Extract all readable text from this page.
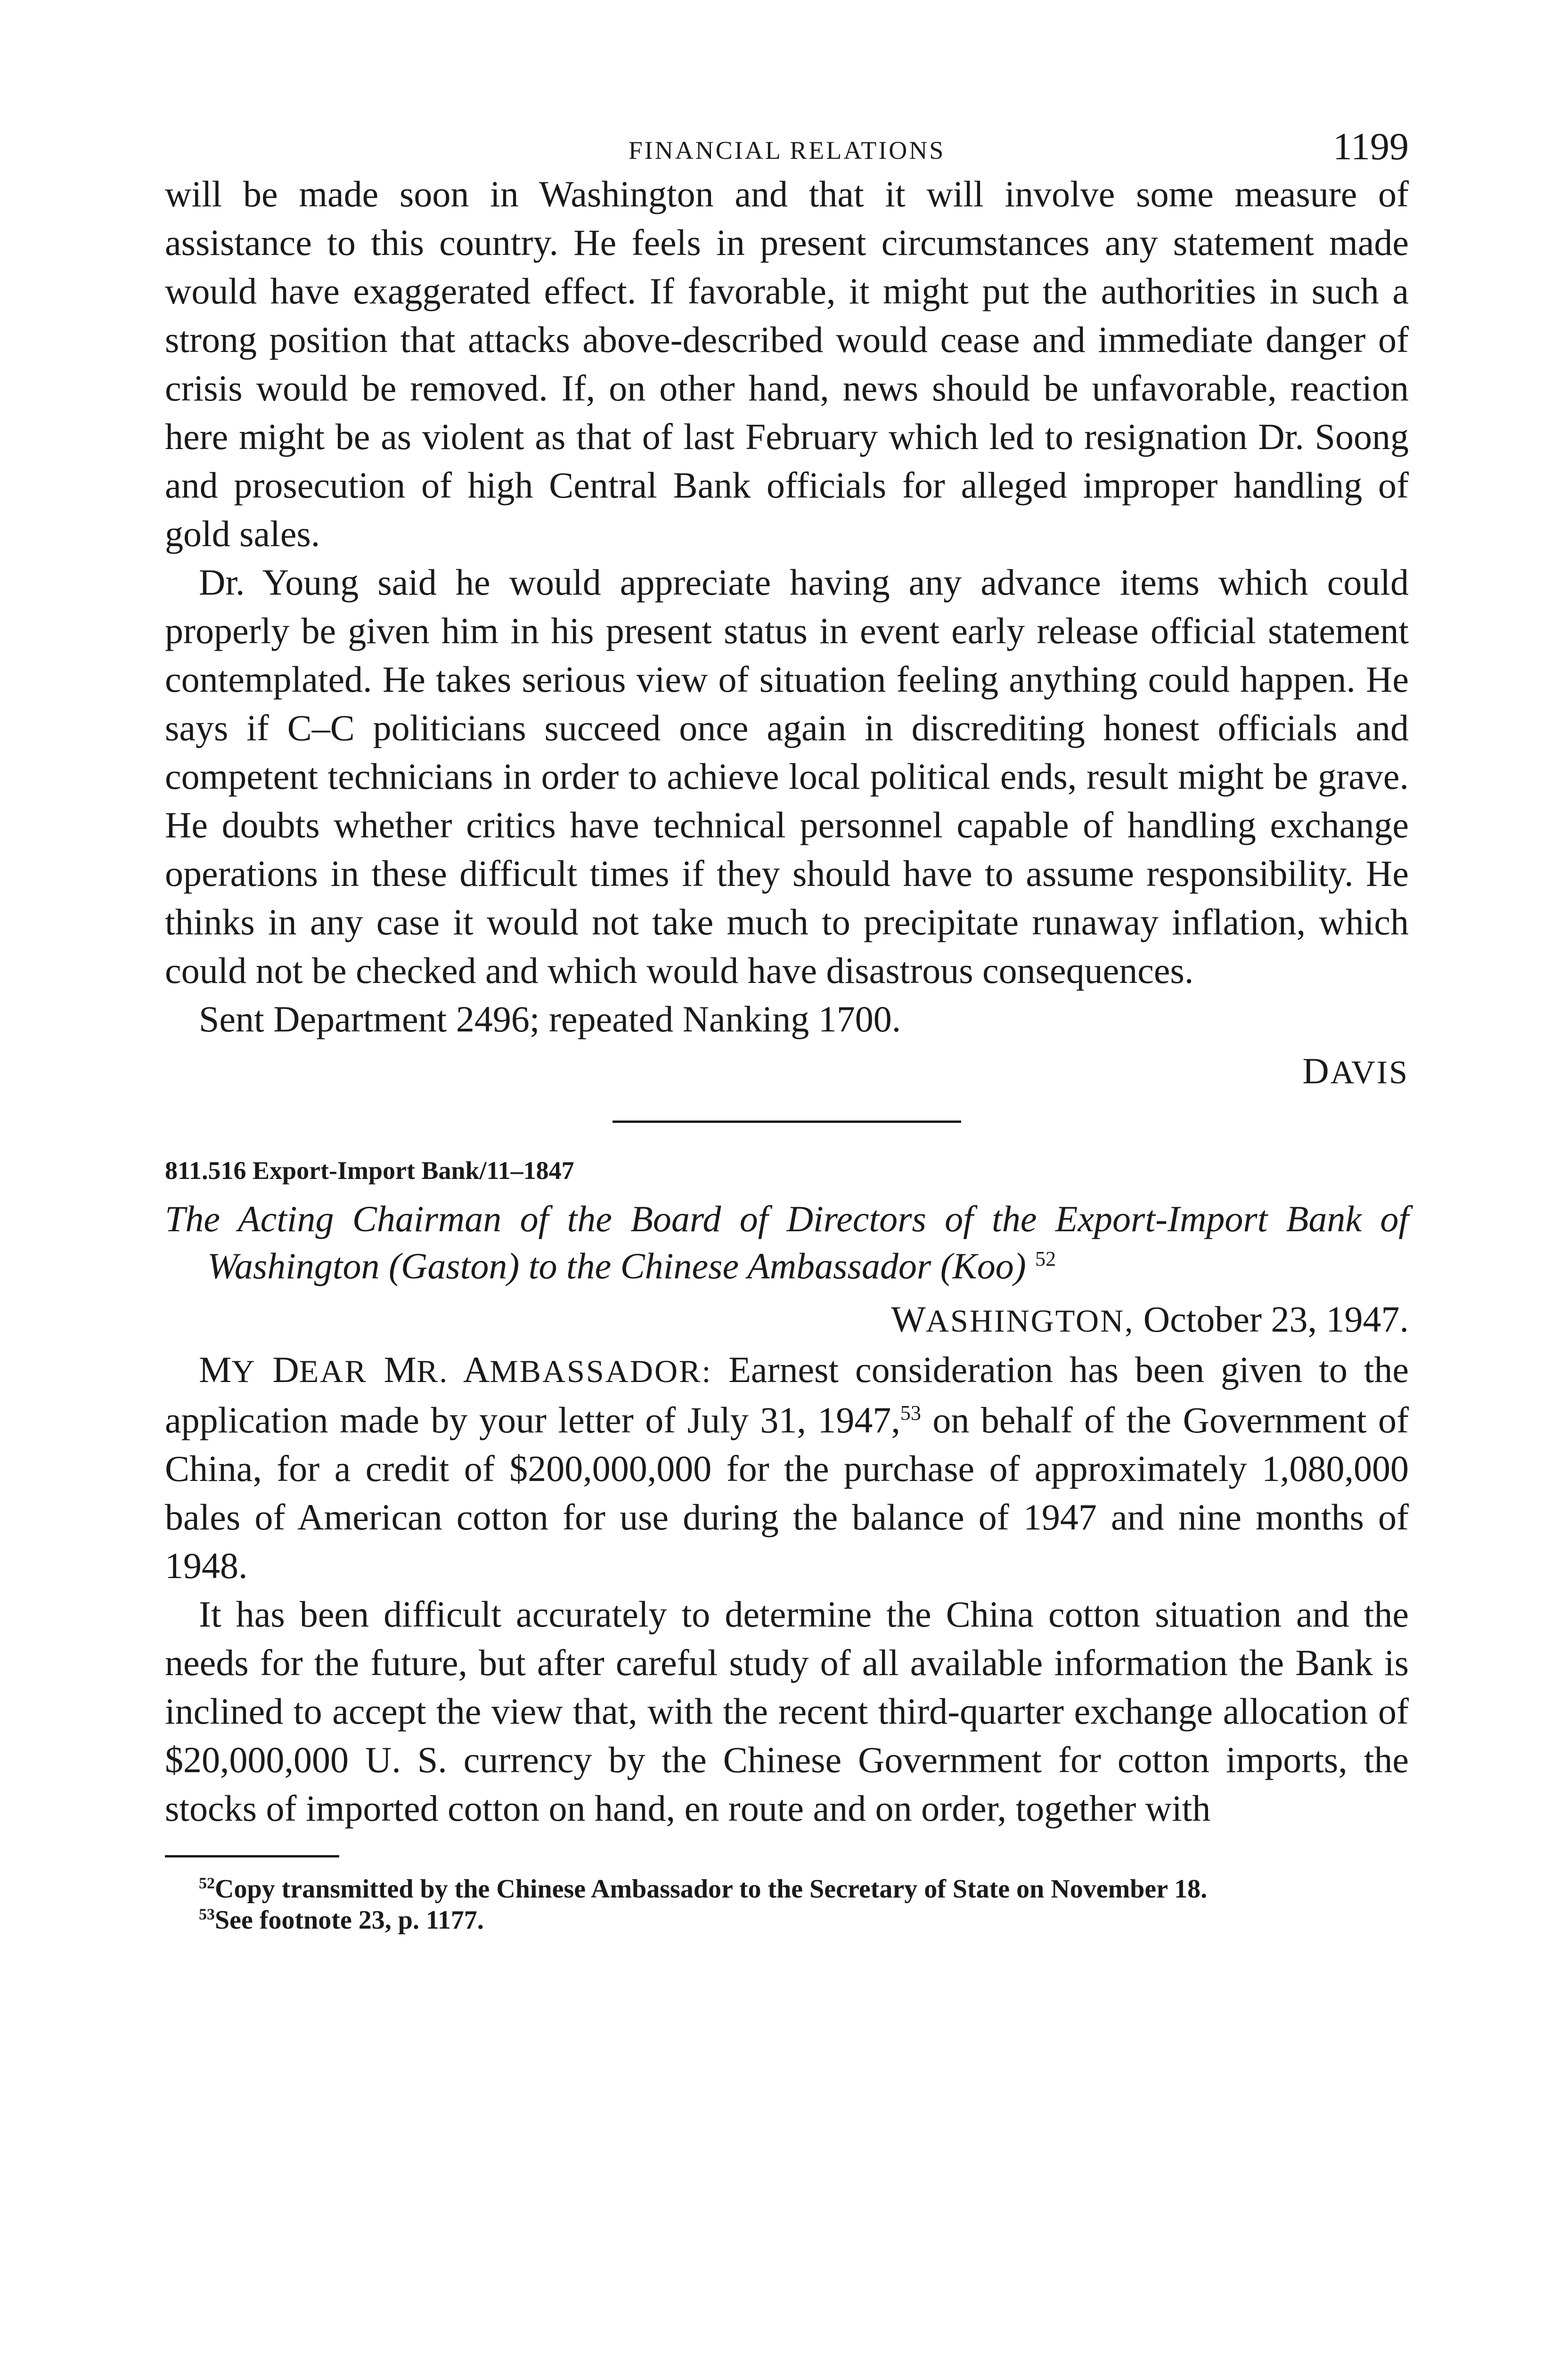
FINANCIAL RELATIONS	1199

will be made soon in Washington and that it will involve some measure of assistance to this country. He feels in present circumstances any statement made would have exaggerated effect. If favorable, it might put the authorities in such a strong position that attacks above-described would cease and immediate danger of crisis would be removed. If, on other hand, news should be unfavorable, reaction here might be as violent as that of last February which led to resignation Dr. Soong and prosecution of high Central Bank officials for alleged improper handling of gold sales.

Dr. Young said he would appreciate having any advance items which could properly be given him in his present status in event early release official statement contemplated. He takes serious view of situation feeling anything could happen. He says if C–C politicians succeed once again in discrediting honest officials and competent technicians in order to achieve local political ends, result might be grave. He doubts whether critics have technical personnel capable of handling exchange operations in these difficult times if they should have to assume responsibility. He thinks in any case it would not take much to precipitate runaway inflation, which could not be checked and which would have disastrous consequences.

Sent Department 2496; repeated Nanking 1700.

DAVIS
811.516 Export-Import Bank/11–1847

The Acting Chairman of the Board of Directors of the Export-Import Bank of Washington (Gaston) to the Chinese Ambassador (Koo) $^{52}$

WASHINGTON, October 23, 1947.

MY DEAR MR. AMBASSADOR: Earnest consideration has been given to the application made by your letter of July 31, 1947,53 on behalf of the Government of China, for a credit of $200,000,000 for the purchase of approximately 1,080,000 bales of American cotton for use during the balance of 1947 and nine months of 1948.

It has been difficult accurately to determine the China cotton situation and the needs for the future, but after careful study of all available information the Bank is inclined to accept the view that, with the recent third-quarter exchange allocation of $20,000,000 U. S. currency by the Chinese Government for cotton imports, the stocks of imported cotton on hand, en route and on order, together with

$^{52}$Copy transmitted by the Chinese Ambassador to the Secretary of State on November 18.

$^{53}$See footnote 23, p. 1177.
